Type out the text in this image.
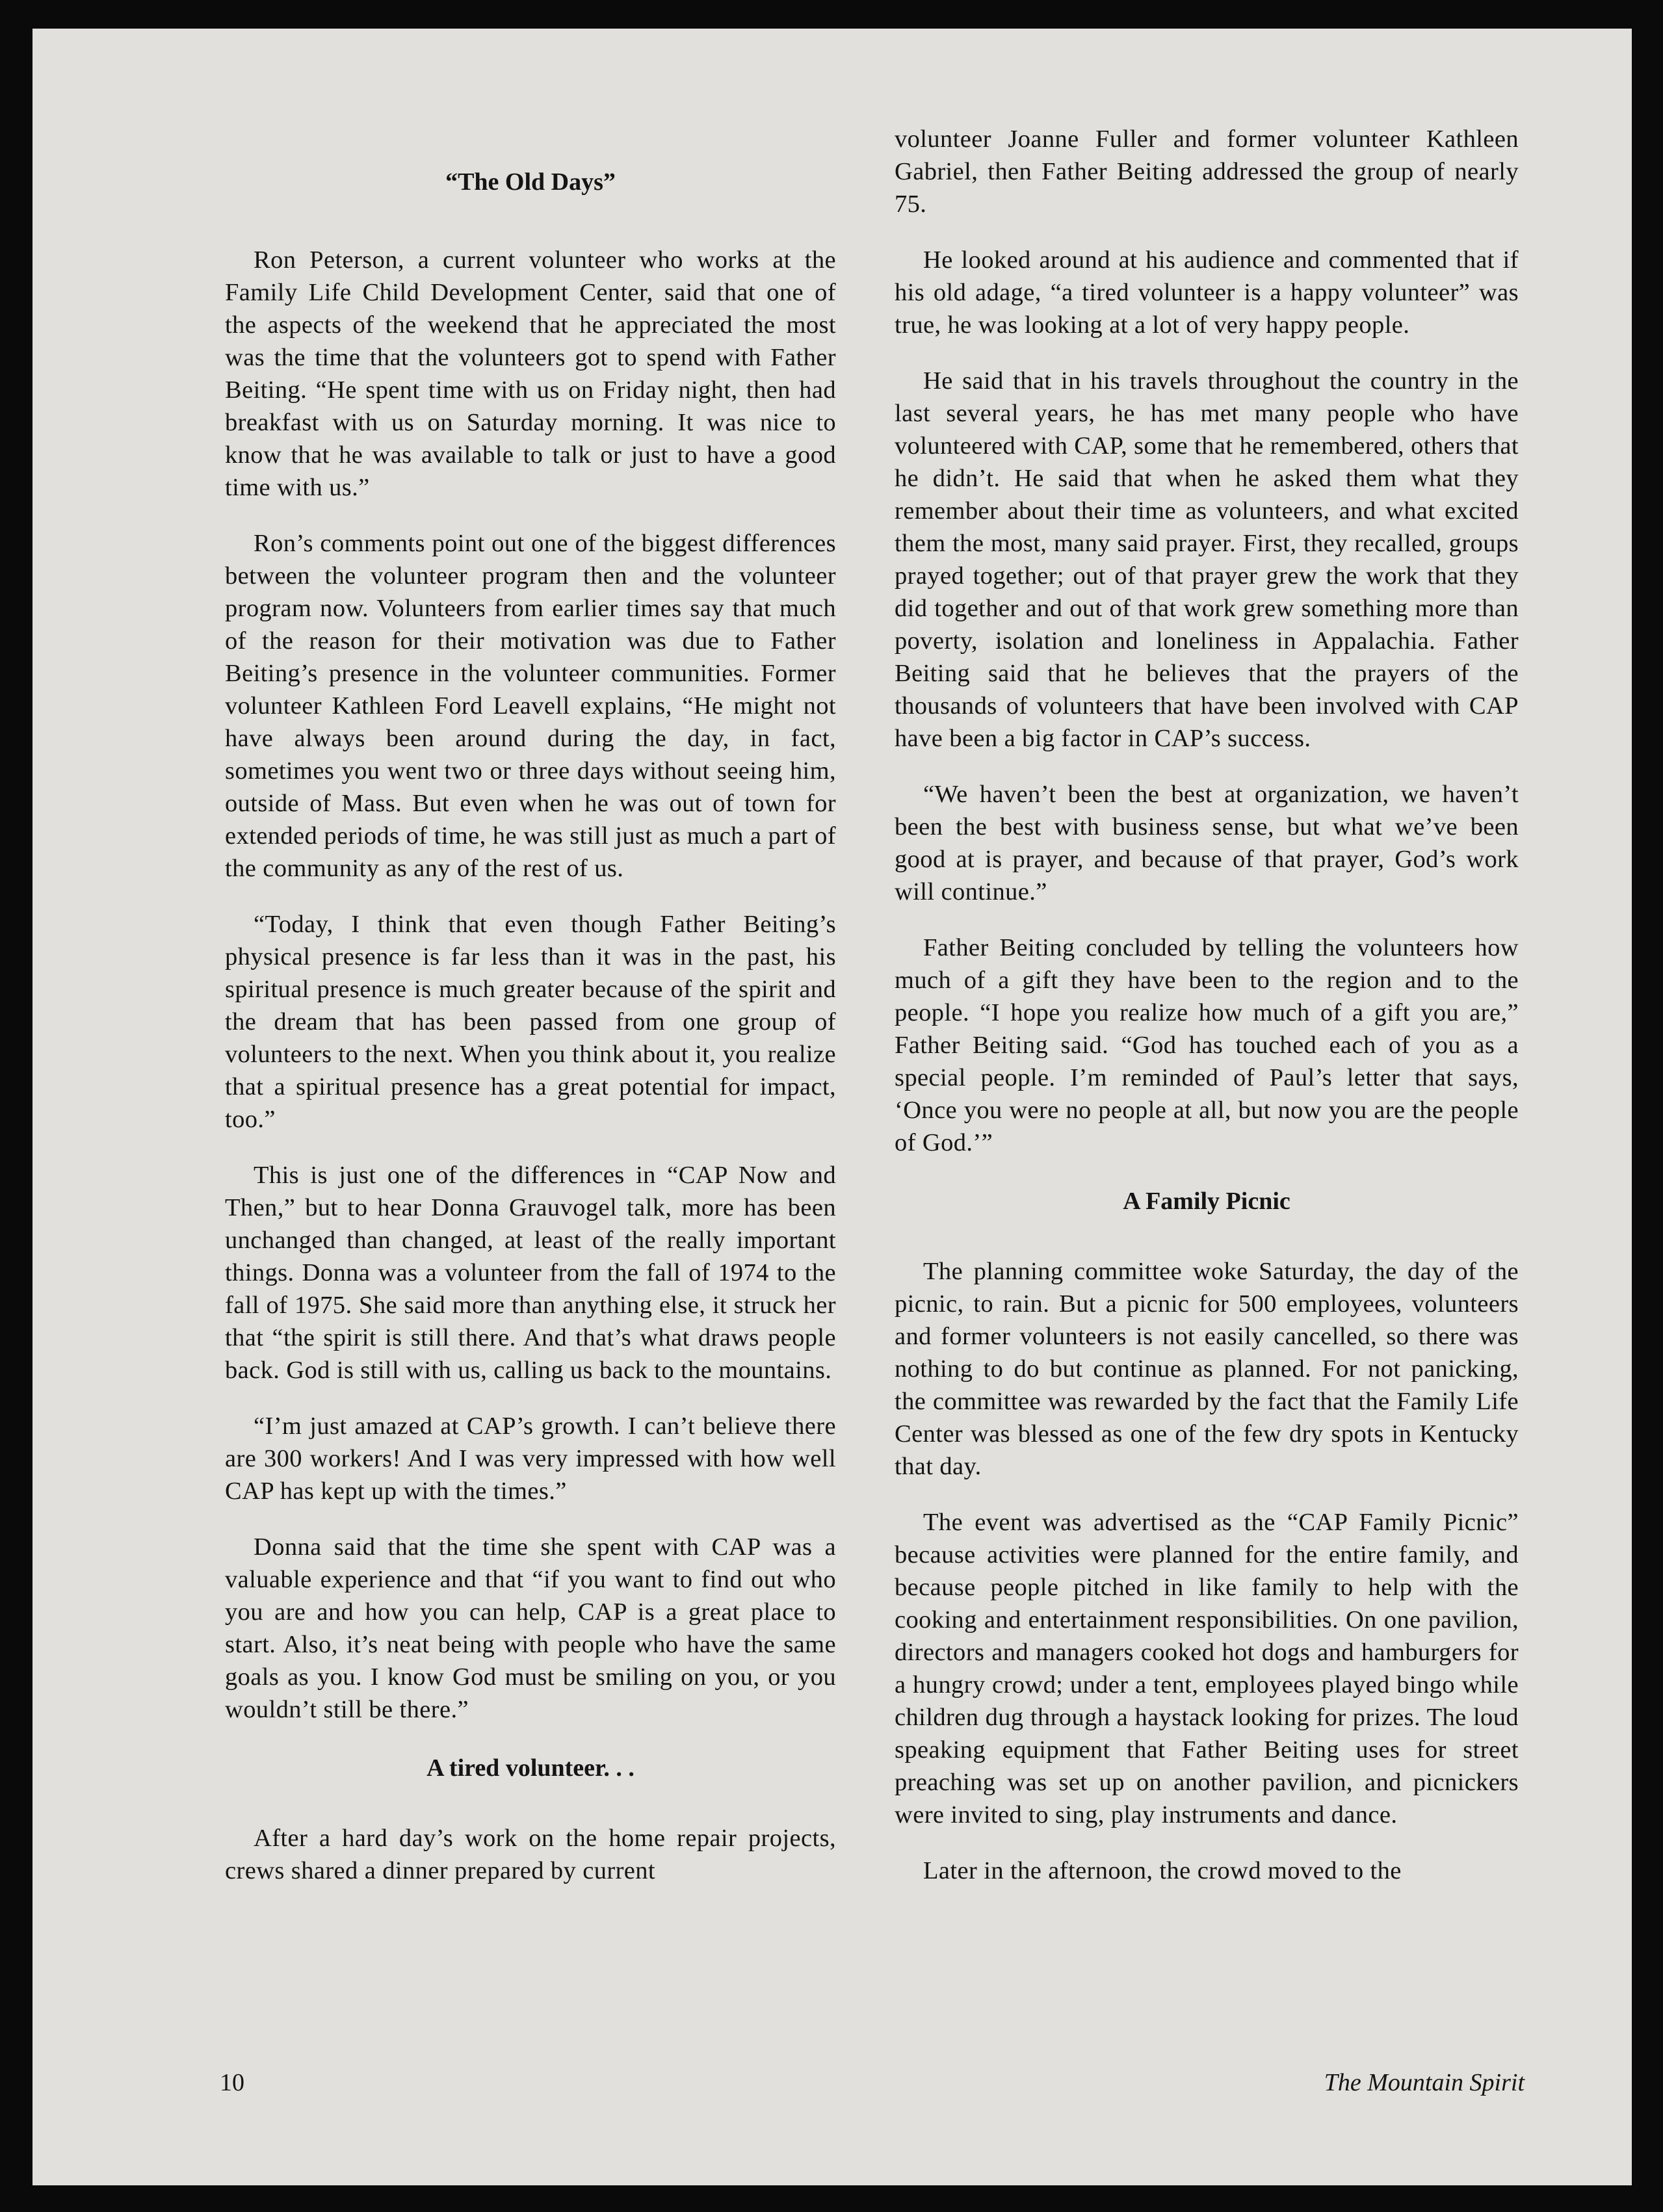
“The Old Days”

Ron Peterson, a current volunteer who works at the Family Life Child Development Center, said that one of the aspects of the weekend that he appreciated the most was the time that the volunteers got to spend with Father Beiting. “He spent time with us on Friday night, then had breakfast with us on Saturday morning. It was nice to know that he was available to talk or just to have a good time with us.”

Ron’s comments point out one of the biggest differences between the volunteer program then and the volunteer program now. Volunteers from earlier times say that much of the reason for their motivation was due to Father Beiting’s presence in the volunteer communities. Former volunteer Kathleen Ford Leavell explains, “He might not have always been around during the day, in fact, sometimes you went two or three days without seeing him, outside of Mass. But even when he was out of town for extended periods of time, he was still just as much a part of the community as any of the rest of us.

“Today, I think that even though Father Beiting’s physical presence is far less than it was in the past, his spiritual presence is much greater because of the spirit and the dream that has been passed from one group of volunteers to the next. When you think about it, you realize that a spiritual presence has a great potential for impact, too.”

This is just one of the differences in “CAP Now and Then,” but to hear Donna Grauvogel talk, more has been unchanged than changed, at least of the really important things. Donna was a volunteer from the fall of 1974 to the fall of 1975. She said more than anything else, it struck her that “the spirit is still there. And that’s what draws people back. God is still with us, calling us back to the mountains.

“I’m just amazed at CAP’s growth. I can’t believe there are 300 workers! And I was very impressed with how well CAP has kept up with the times.”

Donna said that the time she spent with CAP was a valuable experience and that “if you want to find out who you are and how you can help, CAP is a great place to start. Also, it’s neat being with people who have the same goals as you. I know God must be smiling on you, or you wouldn’t still be there.”

A tired volunteer. . .

After a hard day’s work on the home repair projects, crews shared a dinner prepared by current

volunteer Joanne Fuller and former volunteer Kathleen Gabriel, then Father Beiting addressed the group of nearly 75.

He looked around at his audience and commented that if his old adage, “a tired volunteer is a happy volunteer” was true, he was looking at a lot of very happy people.

He said that in his travels throughout the country in the last several years, he has met many people who have volunteered with CAP, some that he remembered, others that he didn’t. He said that when he asked them what they remember about their time as volunteers, and what excited them the most, many said prayer. First, they recalled, groups prayed together; out of that prayer grew the work that they did together and out of that work grew something more than poverty, isolation and loneliness in Appalachia. Father Beiting said that he believes that the prayers of the thousands of volunteers that have been involved with CAP have been a big factor in CAP’s success.

“We haven’t been the best at organization, we haven’t been the best with business sense, but what we’ve been good at is prayer, and because of that prayer, God’s work will continue.”

Father Beiting concluded by telling the volunteers how much of a gift they have been to the region and to the people. “I hope you realize how much of a gift you are,” Father Beiting said. “God has touched each of you as a special people. I’m reminded of Paul’s letter that says, ‘Once you were no people at all, but now you are the people of God.’”

A Family Picnic

The planning committee woke Saturday, the day of the picnic, to rain. But a picnic for 500 employees, volunteers and former volunteers is not easily cancelled, so there was nothing to do but continue as planned. For not panicking, the committee was rewarded by the fact that the Family Life Center was blessed as one of the few dry spots in Kentucky that day.

The event was advertised as the “CAP Family Picnic” because activities were planned for the entire family, and because people pitched in like family to help with the cooking and entertainment responsibilities. On one pavilion, directors and managers cooked hot dogs and hamburgers for a hungry crowd; under a tent, employees played bingo while children dug through a haystack looking for prizes. The loud speaking equipment that Father Beiting uses for street preaching was set up on another pavilion, and picnickers were invited to sing, play instruments and dance.

Later in the afternoon, the crowd moved to the

10	The Mountain Spirit
